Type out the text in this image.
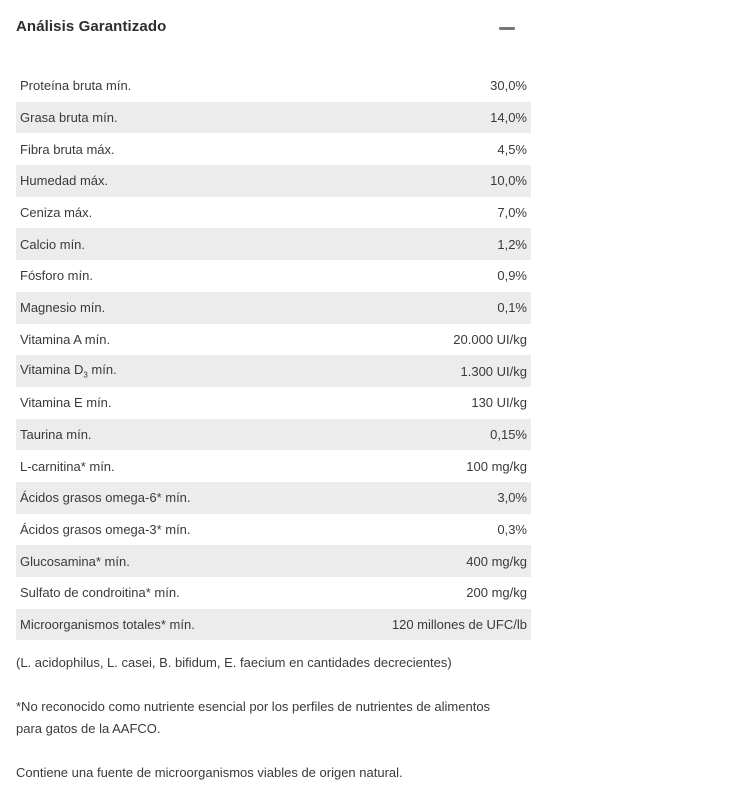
Análisis Garantizado
Proteína bruta mín.	30,0%
Grasa bruta mín.	14,0%
Fibra bruta máx.	4,5%
Humedad máx.	10,0%
Ceniza máx.	7,0%
Calcio mín.	1,2%
Fósforo mín.	0,9%
Magnesio mín.	0,1%
Vitamina A mín.	20.000 UI/kg
Vitamina $D_3$ mín.	1.300 UI/kg
Vitamina E mín.	130 UI/kg
Taurina mín.	0,15%
L-carnitina* mín.	100 mg/kg
Ácidos grasos omega-6* mín.	3,0%
Ácidos grasos omega-3* mín.	0,3%
Glucosamina* mín.	400 mg/kg
Sulfato de condroitina* mín.	200 mg/kg
Microorganismos totales* mín.	120 millones de UFC/lb

(L. acidophilus, L. casei, B. bifidum, E. faecium en cantidades decrecientes)

*No reconocido como nutriente esencial por los perfiles de nutrientes de alimentos para gatos de la AAFCO.

Contiene una fuente de microorganismos viables de origen natural.
